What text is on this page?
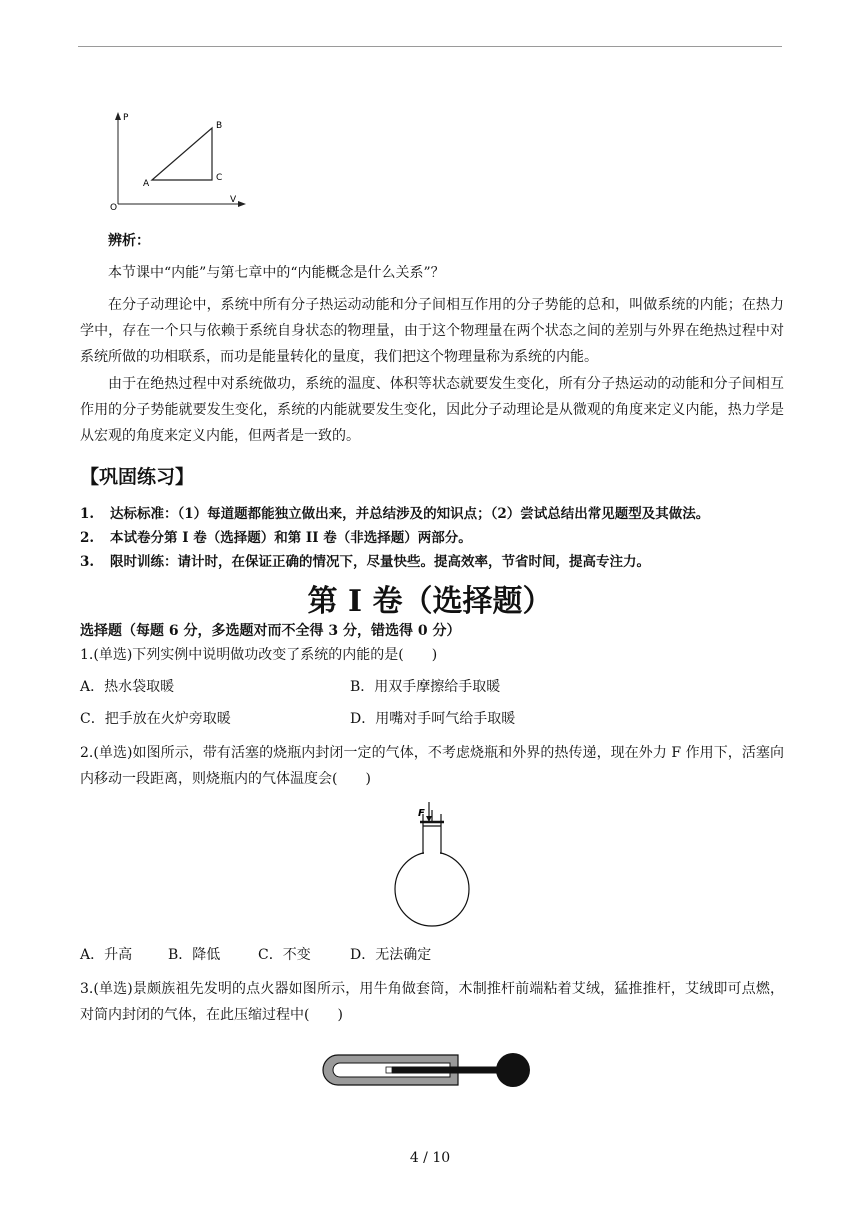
P
V
O
A
B
C
辨析：
本节课中“内能”与第七章中的“内能概念是什么关系”？
在分子动理论中，系统中所有分子热运动动能和分子间相互作用的分子势能的总和，叫做系统的内能；在热力学中，存在一个只与依赖于系统自身状态的物理量，由于这个物理量在两个状态之间的差别与外界在绝热过程中对系统所做的功相联系，而功是能量转化的量度，我们把这个物理量称为系统的内能。
由于在绝热过程中对系统做功，系统的温度、体积等状态就要发生变化，所有分子热运动的动能和分子间相互作用的分子势能就要发生变化，系统的内能就要发生变化，因此分子动理论是从微观的角度来定义内能，热力学是从宏观的角度来定义内能，但两者是一致的。
【巩固练习】
1. 达标标准：（1）每道题都能独立做出来，并总结涉及的知识点；（2）尝试总结出常见题型及其做法。
2. 本试卷分第 I 卷（选择题）和第 II 卷（非选择题）两部分。
3. 限时训练：请计时，在保证正确的情况下，尽量快些。提高效率，节省时间，提高专注力。
第 I 卷（选择题）
选择题（每题 6 分，多选题对而不全得 3 分，错选得 0 分）
1.(单选)下列实例中说明做功改变了系统的内能的是(　　)
A．热水袋取暖	B．用双手摩擦给手取暖
C．把手放在火炉旁取暖	D．用嘴对手呵气给手取暖
2.(单选)如图所示，带有活塞的烧瓶内封闭一定的气体，不考虑烧瓶和外界的热传递，现在外力 F 作用下，活塞向内移动一段距离，则烧瓶内的气体温度会(　　)
F
A．升高	B．降低	C．不变	D．无法确定
3.(单选)景颇族祖先发明的点火器如图所示，用牛角做套筒，木制推杆前端粘着艾绒，猛推推杆，艾绒即可点燃，对筒内封闭的气体，在此压缩过程中(　　)
4 / 10
